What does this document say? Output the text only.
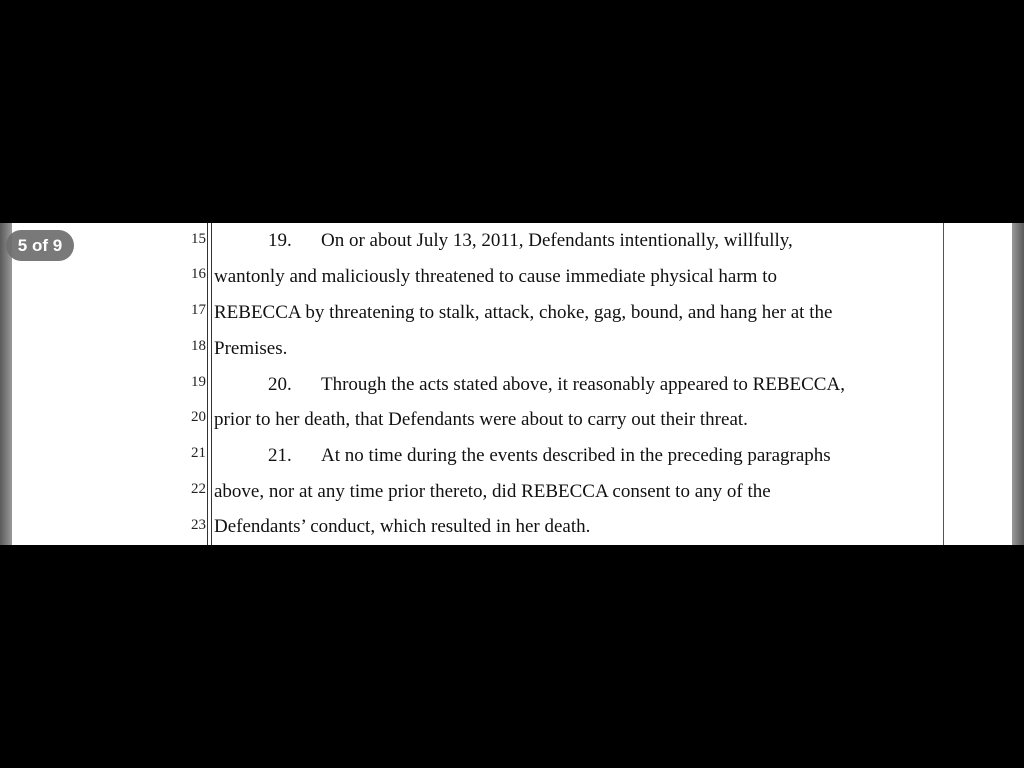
15
16
17
18
19
20
21
22
23
19. On or about July 13, 2011, Defendants intentionally, willfully,
wantonly and maliciously threatened to cause immediate physical harm to
REBECCA by threatening to stalk, attack, choke, gag, bound, and hang her at the
Premises.
20. Through the acts stated above, it reasonably appeared to REBECCA,
prior to her death, that Defendants were about to carry out their threat.
21. At no time during the events described in the preceding paragraphs
above, nor at any time prior thereto, did REBECCA consent to any of the
Defendants’ conduct, which resulted in her death.
5 of 9
